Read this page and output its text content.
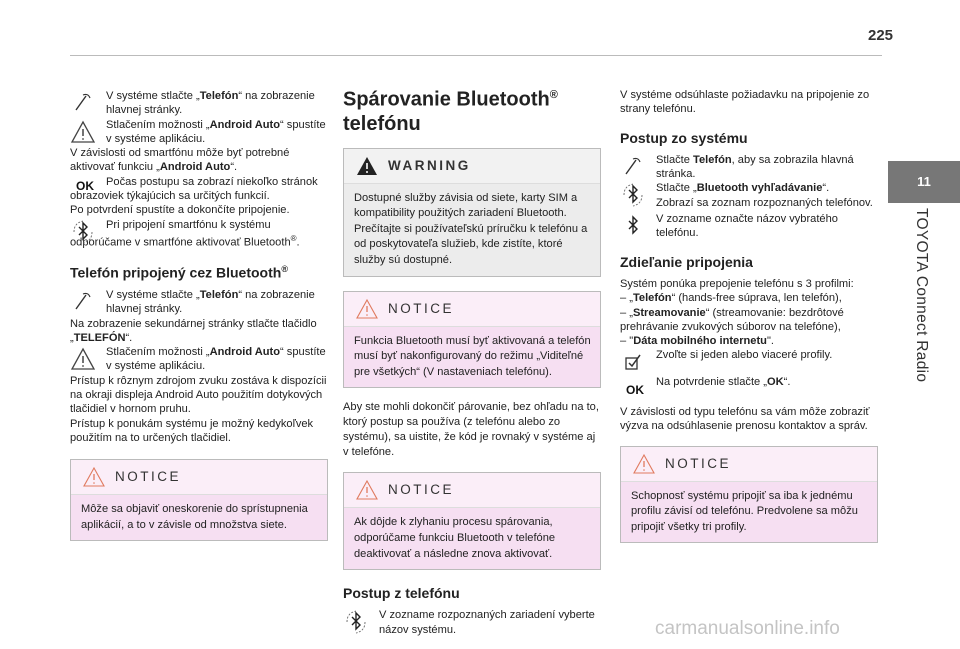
225
11
TOYOTA Connect Radio

V systéme stlačte „Telefón“ na zobrazenie hlavnej stránky.

Stlačením možnosti „Android Auto“ spustíte v systéme aplikáciu.

V závislosti od smartfónu môže byť potrebné aktivovať funkciu „Android Auto“.

OK	Počas postupu sa zobrazí niekoľko stránok obrazoviek týkajúcich sa určitých funkcií.

Po potvrdení spustíte a dokončíte pripojenie.

Pri pripojení smartfónu k systému odporúčame v smartfóne aktivovať Bluetooth®.

Telefón pripojený cez Bluetooth®

V systéme stlačte „Telefón“ na zobrazenie hlavnej stránky.

Na zobrazenie sekundárnej stránky stlačte tlačidlo „TELEFÓN“.

Stlačením možnosti „Android Auto“ spustíte v systéme aplikáciu.

Prístup k rôznym zdrojom zvuku zostáva k dispozícii na okraji displeja Android Auto použitím dotykových tlačidiel v hornom pruhu.

Prístup k ponukám systému je možný kedykoľvek použitím na to určených tlačidiel.

NOTICE
Môže sa objaviť oneskorenie do sprístupnenia aplikácií, a to v závisle od množstva siete.
Spárovanie Bluetooth®
telefónu
WARNING
Dostupné služby závisia od siete, karty SIM a kompatibility použitých zariadení Bluetooth. Prečítajte si používateľskú príručku k telefónu a od poskytovateľa služieb, kde zistíte, ktoré služby sú dostupné.
NOTICE
Funkcia Bluetooth musí byť aktivovaná a telefón musí byť nakonfigurovaný do režimu „Viditeľné pre všetkých“ (V nastaveniach telefónu).

Aby ste mohli dokončiť párovanie, bez ohľadu na to, ktorý postup sa používa (z telefónu alebo zo systému), sa uistite, že kód je rovnaký v systéme aj v telefóne.

NOTICE
Ak dôjde k zlyhaniu procesu spárovania, odporúčame funkciu Bluetooth v telefóne deaktivovať a následne znova aktivovať.
Postup z telefónu

V zozname rozpoznaných zariadení vyberte názov systému.

V systéme odsúhlaste požiadavku na pripojenie zo strany telefónu.

Postup zo systému

Stlačte Telefón, aby sa zobrazila hlavná stránka.

Stlačte „Bluetooth vyhľadávanie“.

Zobrazí sa zoznam rozpoznaných telefónov.

V zozname označte názov vybratého telefónu.

Zdieľanie pripojenia

Systém ponúka prepojenie telefónu s 3 profilmi:

– „Telefón“ (hands-free súprava, len telefón),

– „Streamovanie“ (streamovanie: bezdrôtové prehrávanie zvukových súborov na telefóne),

– "Dáta mobilného internetu".

Zvoľte si jeden alebo viaceré profily.

OK

Na potvrdenie stlačte „OK“.

V závislosti od typu telefónu sa vám môže zobraziť výzva na odsúhlasenie prenosu kontaktov a správ.

NOTICE
Schopnosť systému pripojiť sa iba k jednému profilu závisí od telefónu. Predvolene sa môžu pripojiť všetky tri profily.
carmanualsonline.info
